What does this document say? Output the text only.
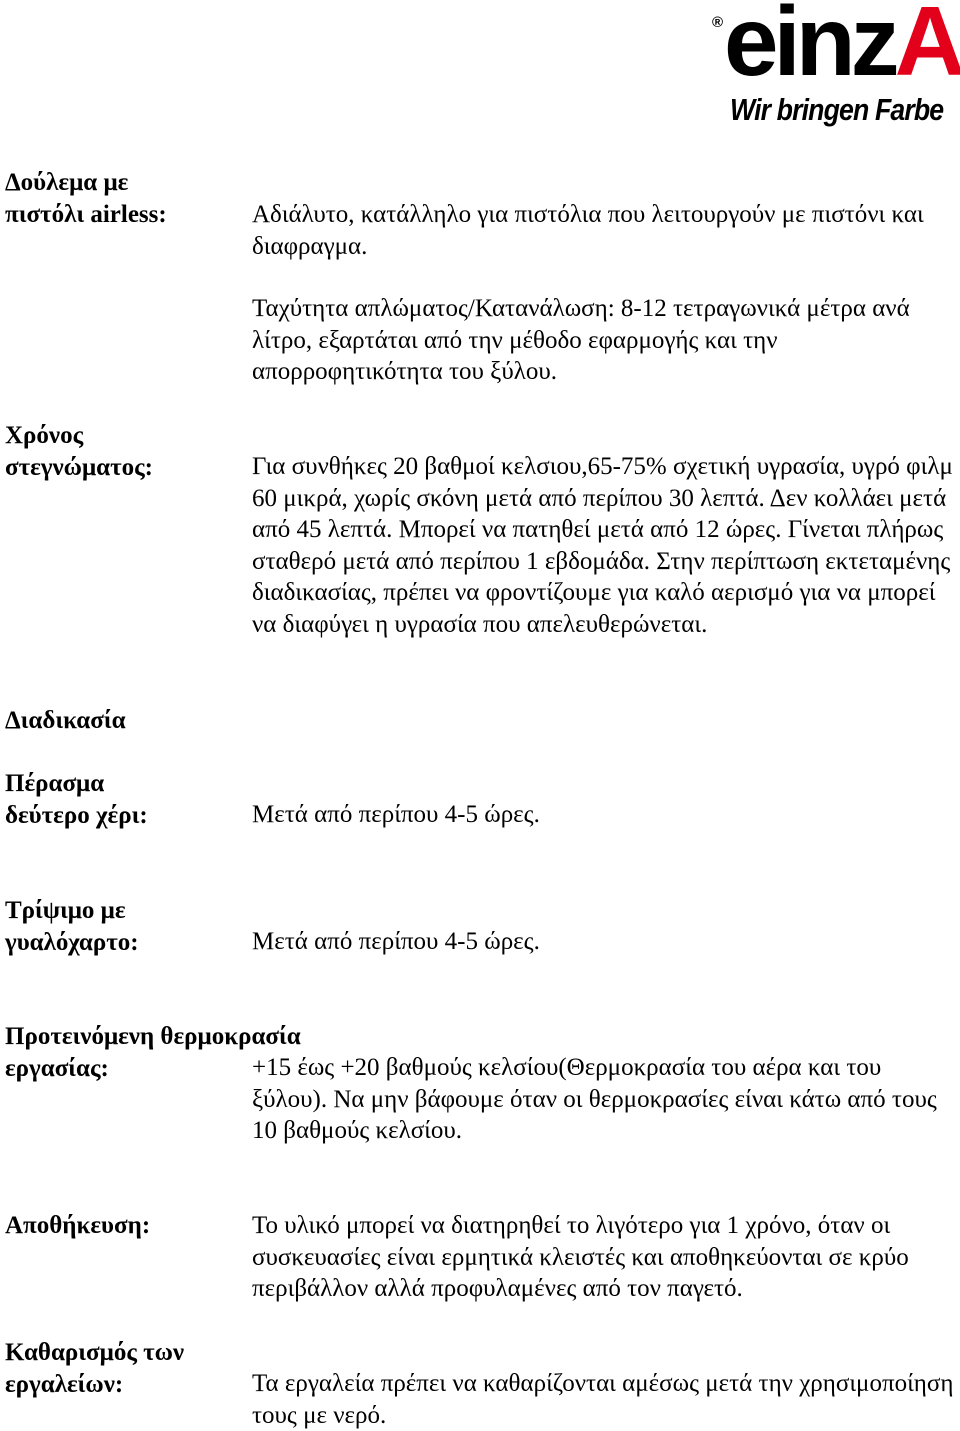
® einzA
Wir bringen Farbe
Δούλεμα με
πιστόλι airless:	Αδιάλυτο, κατάλληλο για πιστόλια που λειτουργούν με πιστόνι και διαφραγμα.

Ταχύτητα απλώματος/Κατανάλωση: 8-12 τετραγωνικά μέτρα ανά λίτρο, εξαρτάται από την μέθοδο εφαρμογής και την απορροφητικότητα του ξύλου.

Χρόνος
στεγνώματος:	Για συνθήκες 20 βαθμοί κελσιου,65-75% σχετική υγρασία, υγρό φιλμ 60 μικρά, χωρίς σκόνη μετά από περίπου 30 λεπτά. Δεν κολλάει μετά από 45 λεπτά. Μπορεί να πατηθεί μετά από 12 ώρες. Γίνεται πλήρως σταθερό μετά από περίπου 1 εβδομάδα. Στην περίπτωση εκτεταμένης διαδικασίας, πρέπει να φροντίζουμε για καλό αερισμό για να μπορεί να διαφύγει η υγρασία που απελευθερώνεται.

Διαδικασία
Πέρασμα
δεύτερο χέρι:	Μετά από περίπου 4-5 ώρες.

Τρίψιμο με
γυαλόχαρτο:	Μετά από περίπου 4-5 ώρες.

Προτεινόμενη θερμοκρασία
εργασίας:	+15 έως +20 βαθμούς κελσίου(Θερμοκρασία του αέρα και του ξύλου). Να μην βάφουμε όταν οι θερμοκρασίες είναι κάτω από τους 10 βαθμούς κελσίου.

Αποθήκευση:	Το υλικό μπορεί να διατηρηθεί το λιγότερο για 1 χρόνο, όταν οι συσκευασίες είναι ερμητικά κλειστές και αποθηκεύονται σε κρύο περιβάλλον αλλά προφυλαμένες από τον παγετό.

Καθαρισμός των
εργαλείων:	Τα εργαλεία πρέπει να καθαρίζονται αμέσως μετά την χρησιμοποίηση τους με νερό.
